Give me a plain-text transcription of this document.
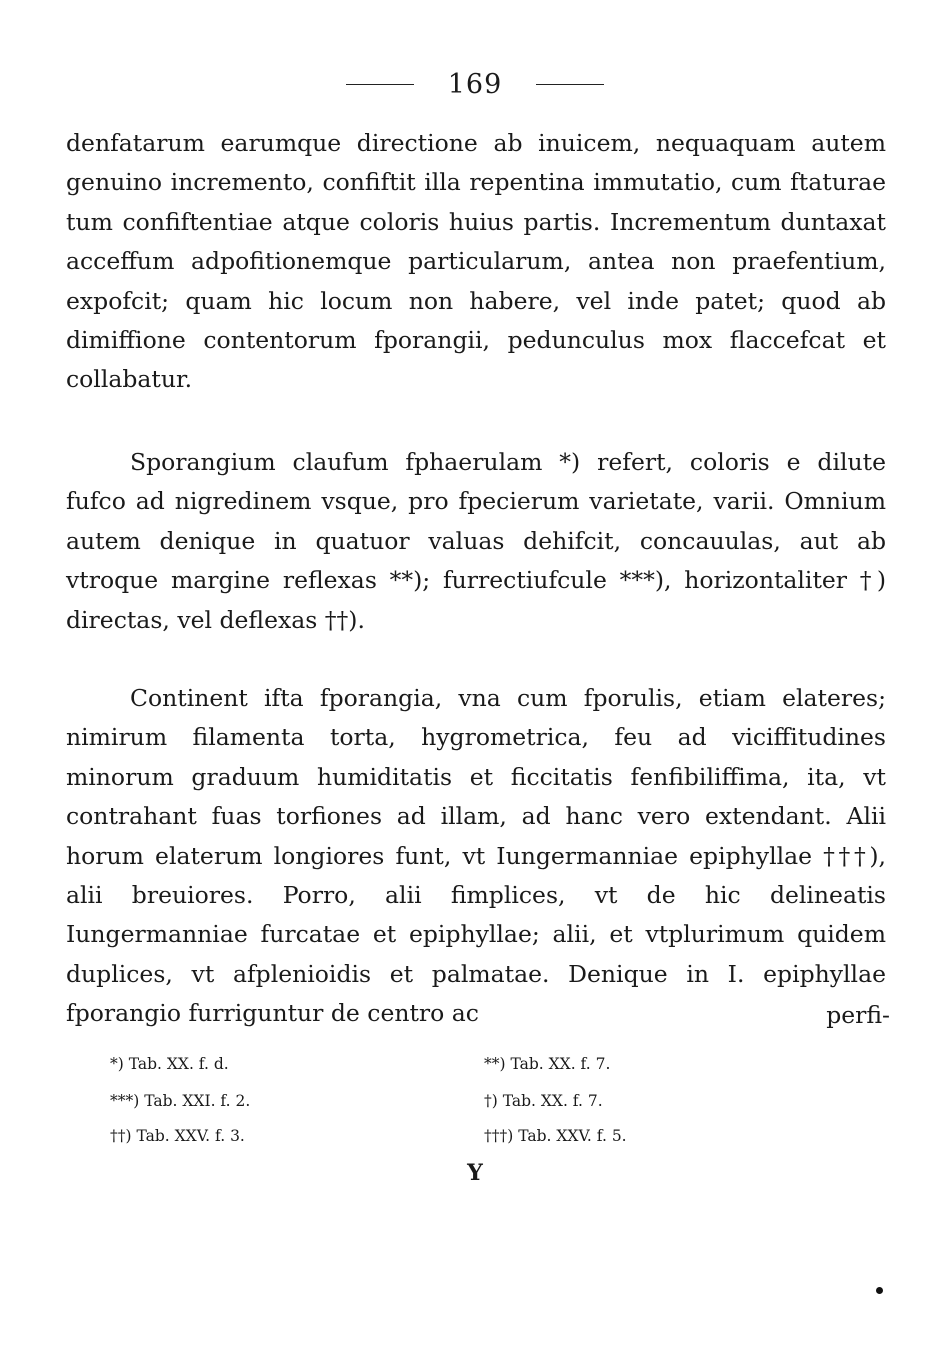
169

denfatarum earumque directione ab inuicem, nequaquam autem genuino incremento, confiftit illa repentina immutatio, cum ftaturae tum confiftentiae atque coloris huius partis. Incrementum duntaxat acceffum adpofitionemque particularum, antea non praefentium, expofcit; quam hic locum non habere, vel inde patet; quod ab dimiffione contentorum fporangii, pedunculus mox flaccefcat et collabatur.

Sporangium claufum fphaerulam *) refert, coloris e dilute fufco ad nigredinem vsque, pro fpecierum varietate, varii. Omnium autem denique in quatuor valuas dehifcit, concauulas, aut ab vtroque margine reflexas **); furrectiufcule ***), horizontaliter †) directas, vel deflexas ††).

Continent ifta fporangia, vna cum fporulis, etiam elateres; nimirum filamenta torta, hygrometrica, feu ad viciffitudines minorum graduum humiditatis et ficcitatis fenfibiliffima, ita, vt contrahant fuas torfiones ad illam, ad hanc vero extendant. Alii horum elaterum longiores funt, vt Iungermanniae epiphyllae †††), alii breuiores. Porro, alii fimplices, vt de hic delineatis Iungermanniae furcatae et epiphyllae; alii, et vtplurimum quidem duplices, vt afplenioidis et palmatae. Denique in I. epiphyllae fporangio furriguntur de centro ac	perfi-
*) Tab. XX. f. d.	**) Tab. XX. f. 7.
***) Tab. XXI. f. 2.	†) Tab. XX. f. 7.
††) Tab. XXV. f. 3.	†††) Tab. XXV. f. 5.
Y
